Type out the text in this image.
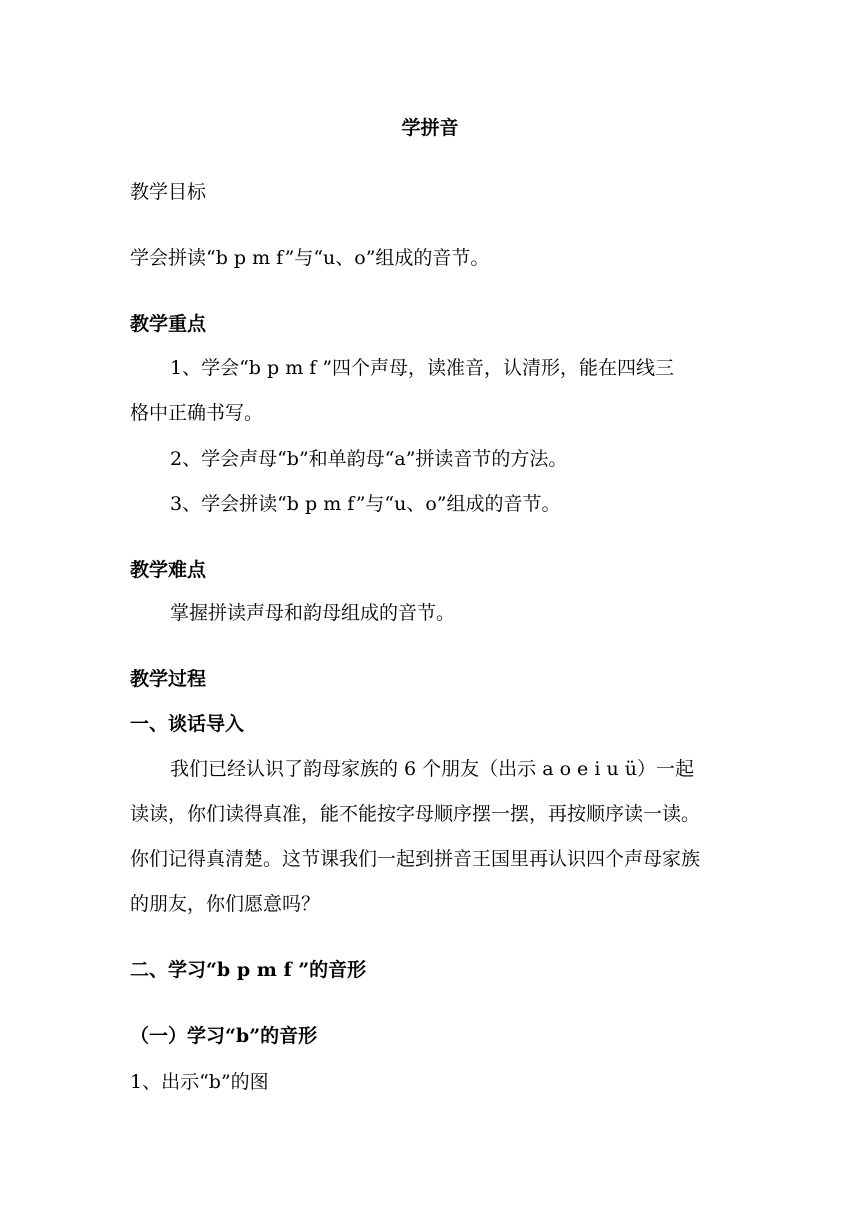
学拼音
教学目标
学会拼读“b p m f”与“u、o”组成的音节。
教学重点
1、学会“b p m f ”四个声母，读准音，认清形，能在四线三
格中正确书写。
2、学会声母“b”和单韵母“a”拼读音节的方法。
3、学会拼读“b p m f”与“u、o”组成的音节。
教学难点
掌握拼读声母和韵母组成的音节。
教学过程
一、谈话导入
我们已经认识了韵母家族的 6 个朋友（出示 a o e i u ü）一起
读读，你们读得真准，能不能按字母顺序摆一摆，再按顺序读一读。
你们记得真清楚。这节课我们一起到拼音王国里再认识四个声母家族
的朋友，你们愿意吗？
二、学习“b p m f ”的音形
（一）学习“b”的音形
1、出示“b”的图
